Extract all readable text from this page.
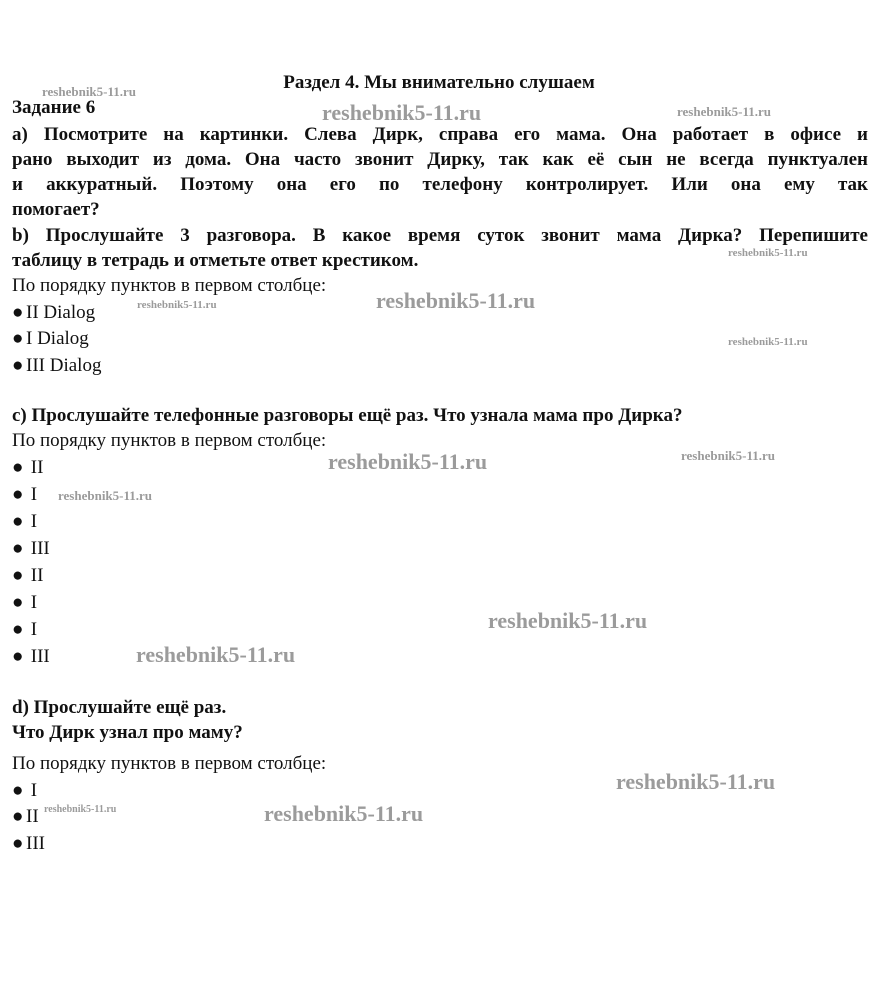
Раздел 4. Мы внимательно слушаем
Задание 6
а) Посмотрите на картинки. Слева Дирк, справа его мама. Она работает в офисе и
рано выходит из дома. Она часто звонит Дирку, так как её сын не всегда пунктуален
и аккуратный. Поэтому она его по телефону контролирует. Или она ему так
помогает?
b) Прослушайте 3 разговора. В какое время суток звонит мама Дирка? Перепишите
таблицу в тетрадь и отметьте ответ крестиком.
По порядку пунктов в первом столбце:
● II Dialog
● I Dialog
● III Dialog
с) Прослушайте телефонные разговоры ещё раз. Что узнала мама про Дирка?
По порядку пунктов в первом столбце:
● II
● I
● I
● III
● II
● I
● I
● III
d) Прослушайте ещё раз.
Что Дирк узнал про маму?
По порядку пунктов в первом столбце:
● I
● II
● III
reshebnik5-11.ru
reshebnik5-11.ru	reshebnik5-11.ru
reshebnik5-11.ru
reshebnik5-11.ru
reshebnik5-11.ru
reshebnik5-11.ru
reshebnik5-11.ru	reshebnik5-11.ru
reshebnik5-11.ru
reshebnik5-11.ru
reshebnik5-11.ru
reshebnik5-11.ru
reshebnik5-11.ru	reshebnik5-11.ru
